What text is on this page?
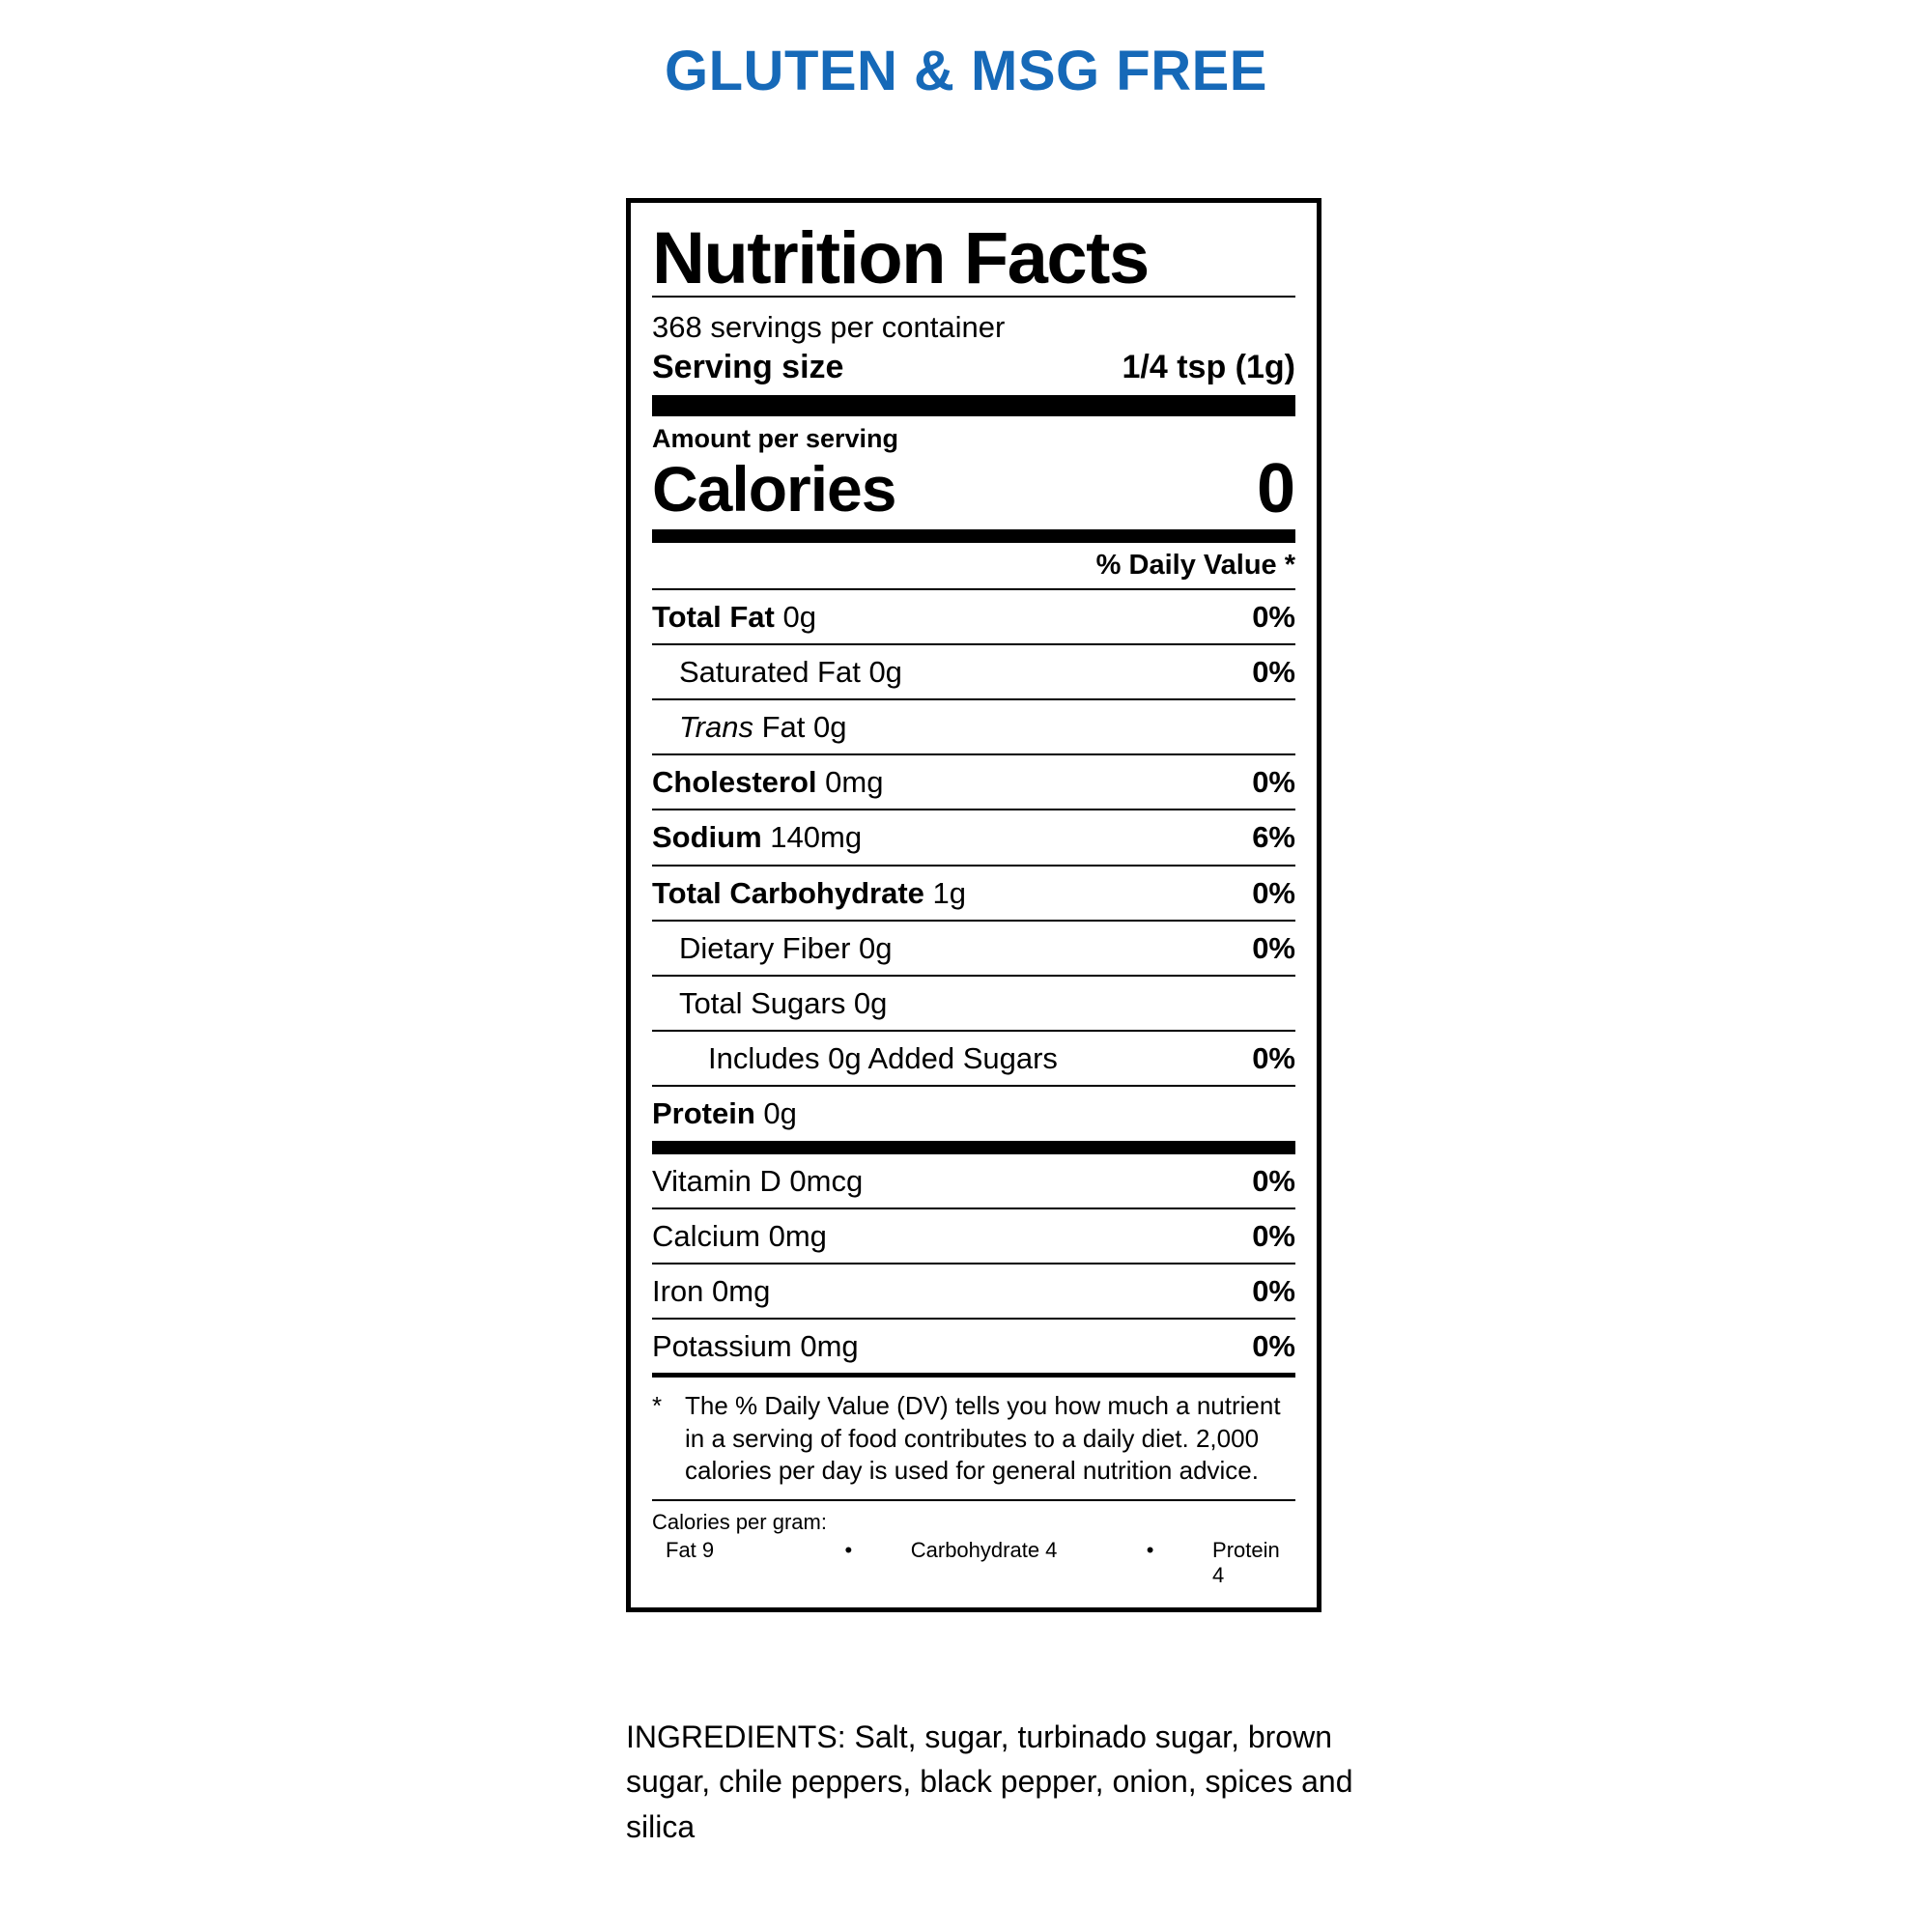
GLUTEN & MSG FREE
Nutrition Facts
368 servings per container
Serving size	1/4 tsp (1g)
Amount per serving
Calories	0
% Daily Value *
Total Fat 0g	0%
Saturated Fat 0g	0%
Trans Fat 0g
Cholesterol 0mg	0%
Sodium 140mg	6%
Total Carbohydrate 1g	0%
Dietary Fiber 0g	0%
Total Sugars 0g
Includes 0g Added Sugars	0%
Protein 0g
Vitamin D 0mcg	0%
Calcium 0mg	0%
Iron 0mg	0%
Potassium 0mg	0%
* The % Daily Value (DV) tells you how much a nutrient in a serving of food contributes to a daily diet. 2,000 calories per day is used for general nutrition advice.
Calories per gram:
Fat 9	•	Carbohydrate 4	•	Protein 4
INGREDIENTS: Salt, sugar, turbinado sugar, brown sugar, chile peppers, black pepper, onion, spices and silica
